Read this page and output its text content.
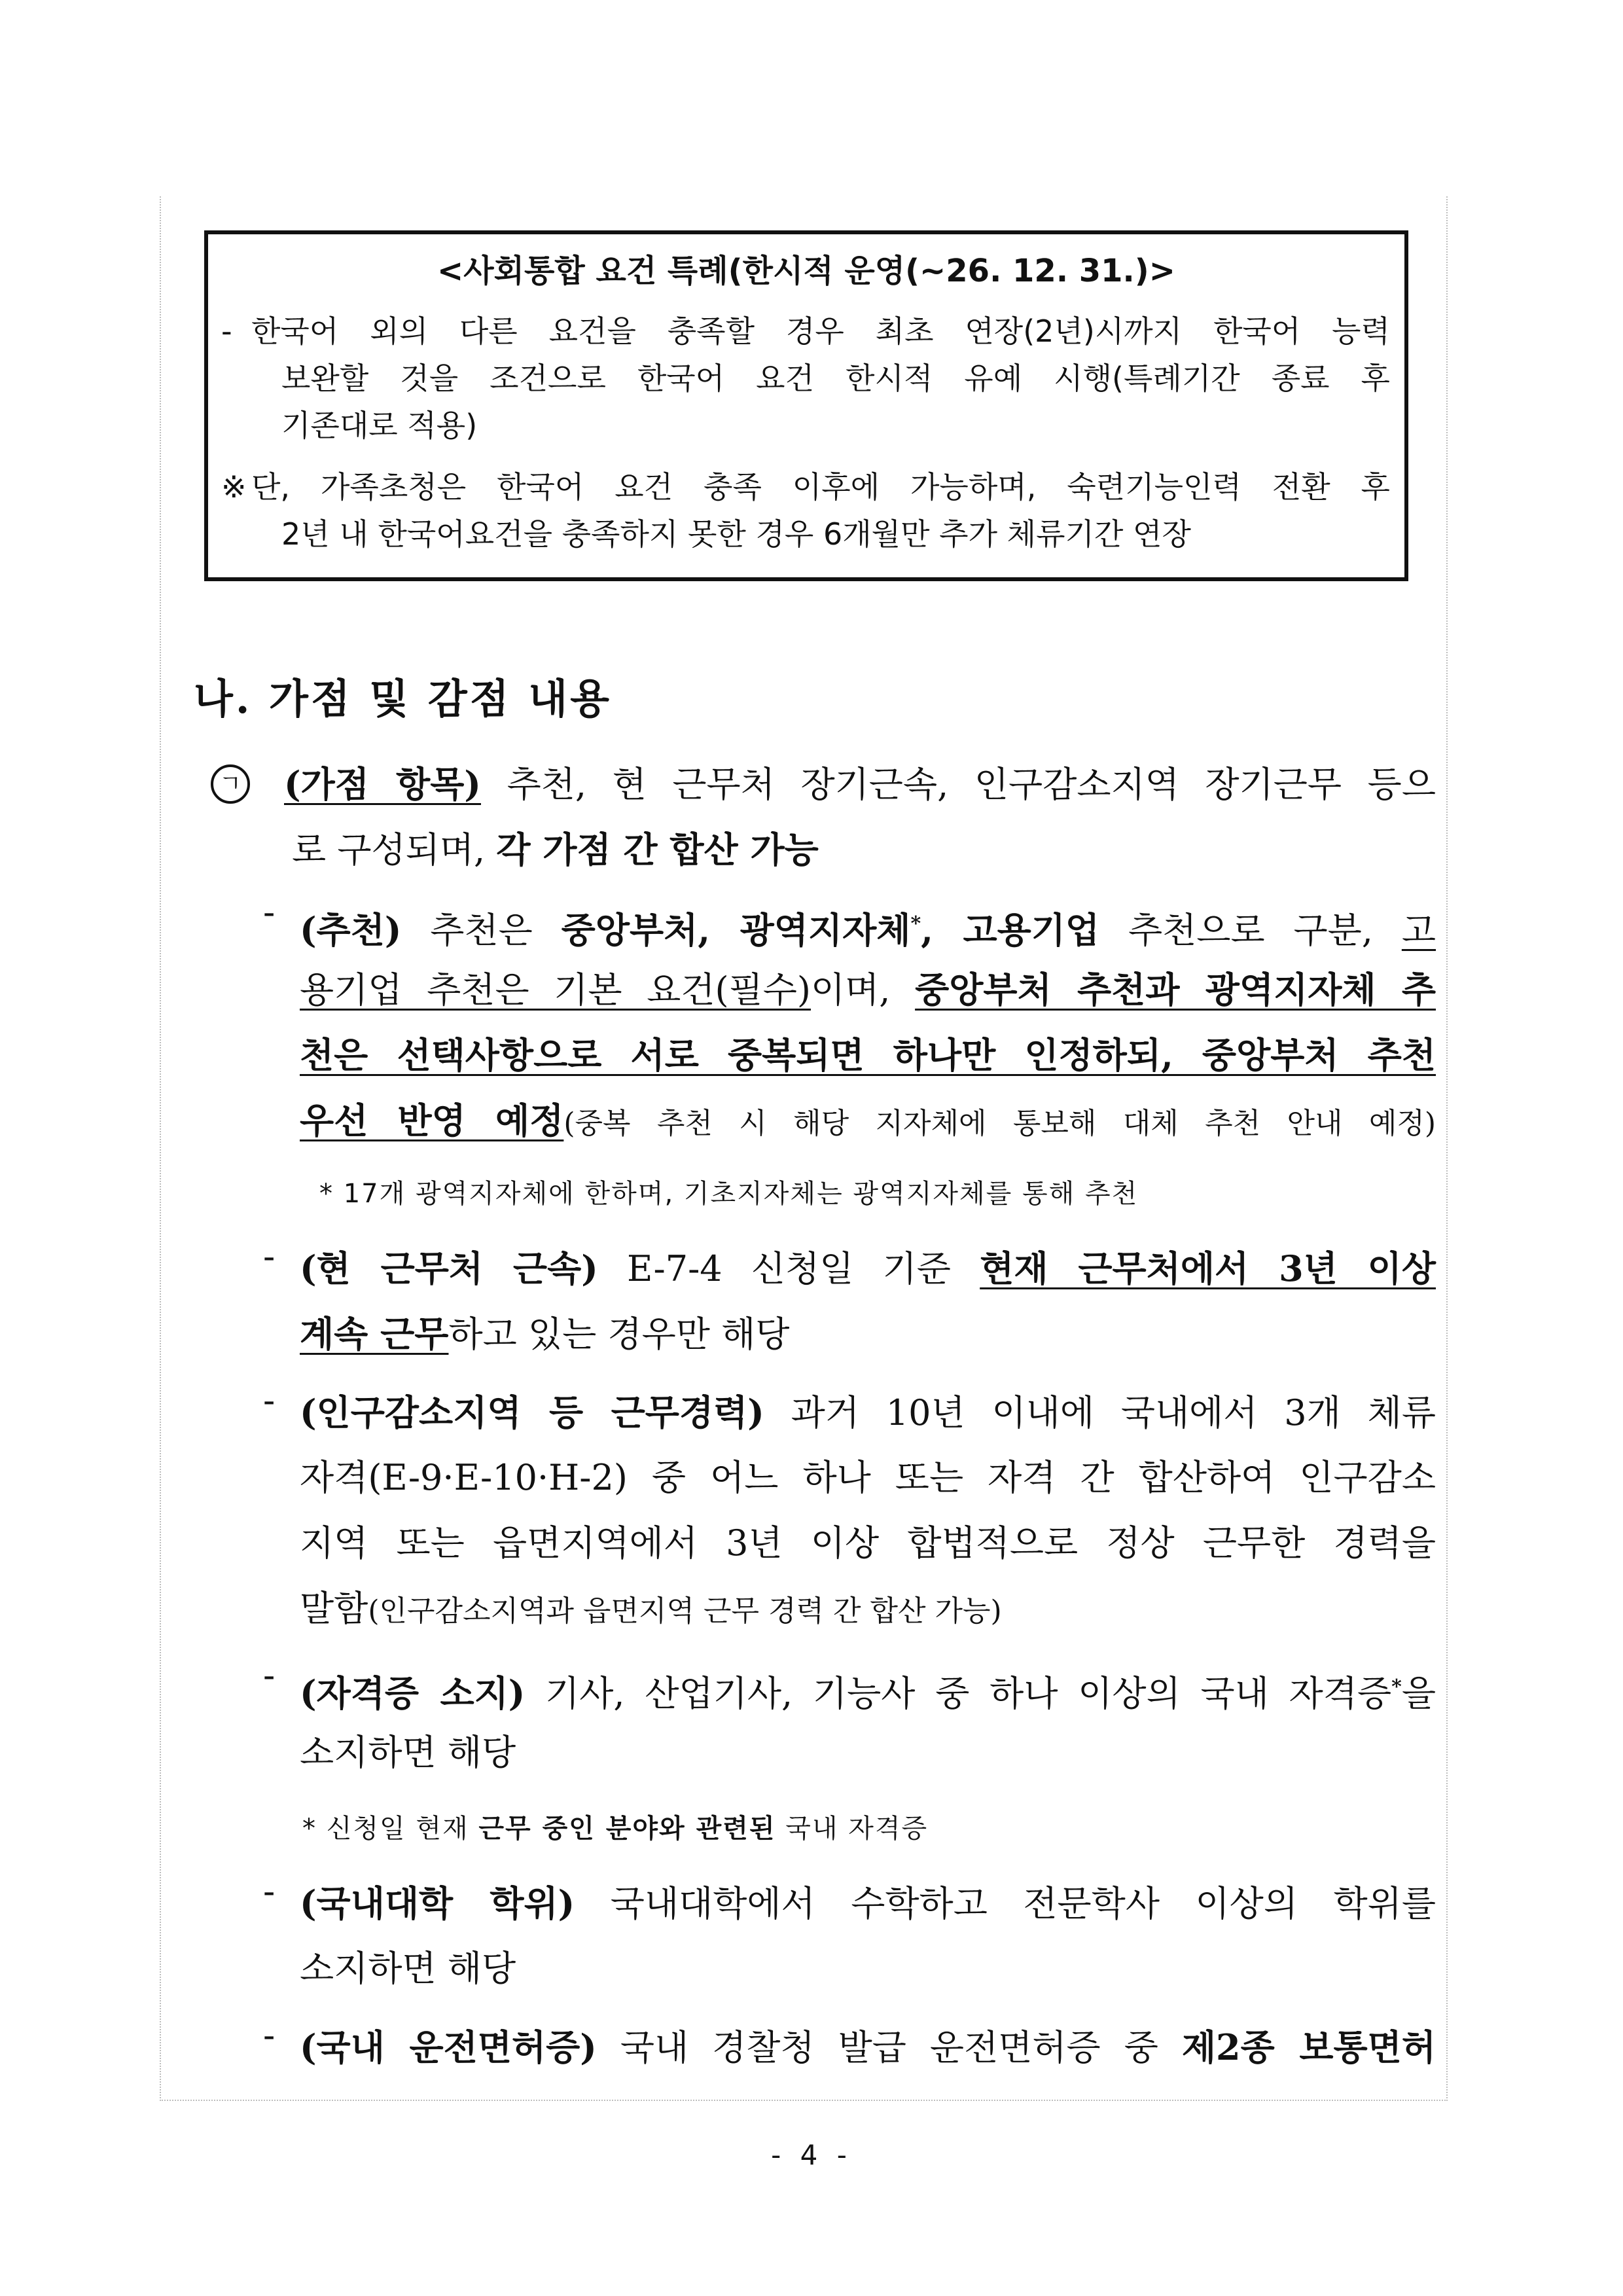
<사회통합 요건 특례(한시적 운영(~26. 12. 31.)>
- 한국어 외의 다른 요건을 충족할 경우 최초 연장(2년)시까지 한국어 능력
보완할 것을 조건으로 한국어 요건 한시적 유예 시행(특례기간 종료 후
기존대로 적용)
※ 단, 가족초청은 한국어 요건 충족 이후에 가능하며, 숙련기능인력 전환 후
2년 내 한국어요건을 충족하지 못한 경우 6개월만 추가 체류기간 연장
나. 가점 및 감점 내용
ㄱ (가점 항목) 추천, 현 근무처 장기근속, 인구감소지역 장기근무 등으
로 구성되며, 각 가점 간 합산 가능
- (추천) 추천은 중앙부처, 광역지자체*, 고용기업 추천으로 구분, 고
용기업 추천은 기본 요건(필수)이며, 중앙부처 추천과 광역지자체 추
천은 선택사항으로 서로 중복되면 하나만 인정하되, 중앙부처 추천
우선 반영 예정(중복 추천 시 해당 지자체에 통보해 대체 추천 안내 예정)
* 17개 광역지자체에 한하며, 기초지자체는 광역지자체를 통해 추천
- (현 근무처 근속) E-7-4 신청일 기준 현재 근무처에서 3년 이상
계속 근무하고 있는 경우만 해당
- (인구감소지역 등 근무경력) 과거 10년 이내에 국내에서 3개 체류
자격(E-9·E-10·H-2) 중 어느 하나 또는 자격 간 합산하여 인구감소
지역 또는 읍면지역에서 3년 이상 합법적으로 정상 근무한 경력을
말함(인구감소지역과 읍면지역 근무 경력 간 합산 가능)
- (자격증 소지) 기사, 산업기사, 기능사 중 하나 이상의 국내 자격증*을
소지하면 해당
* 신청일 현재 근무 중인 분야와 관련된 국내 자격증
- (국내대학 학위) 국내대학에서 수학하고 전문학사 이상의 학위를
소지하면 해당
- (국내 운전면허증) 국내 경찰청 발급 운전면허증 중 제2종 보통면허
- 4 -
